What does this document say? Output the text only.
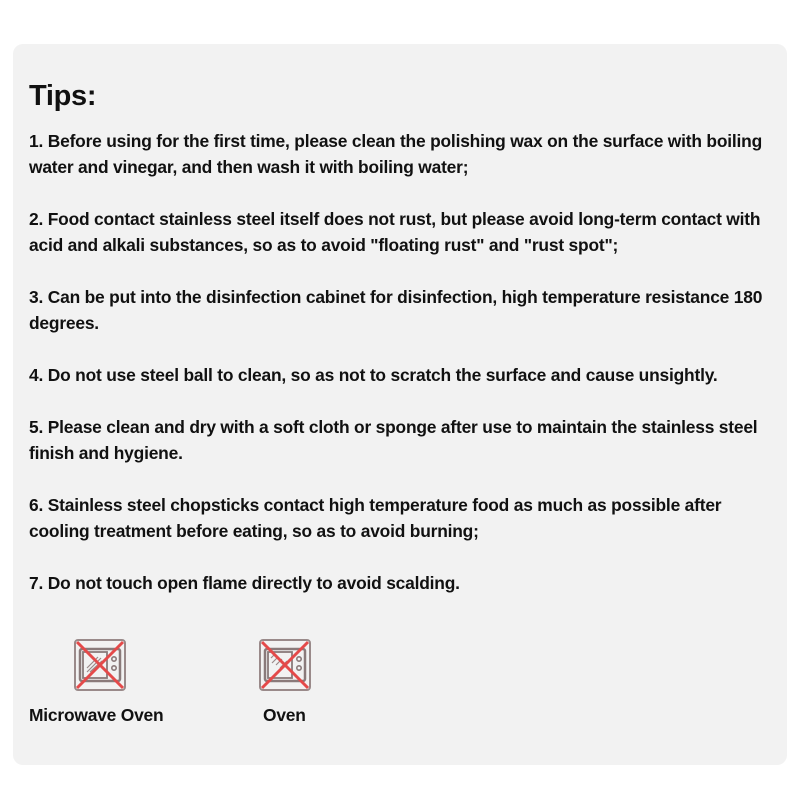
Tips:
1. Before using for the first time, please clean the polishing wax on the surface with boiling water and vinegar, and then wash it with boiling water;
2. Food contact stainless steel itself does not rust, but please avoid long-term contact with acid and alkali substances, so as to avoid "floating rust" and "rust spot";
3. Can be put into the disinfection cabinet for disinfection, high temperature resistance 180 degrees.
4. Do not use steel ball to clean, so as not to scratch the surface and cause unsightly.
5. Please clean and dry with a soft cloth or sponge after use to maintain the stainless steel finish and hygiene.
6. Stainless steel chopsticks contact high temperature food as much as possible after cooling treatment before eating, so as to avoid burning;
7. Do not touch open flame directly to avoid scalding.
Microwave Oven	Oven
